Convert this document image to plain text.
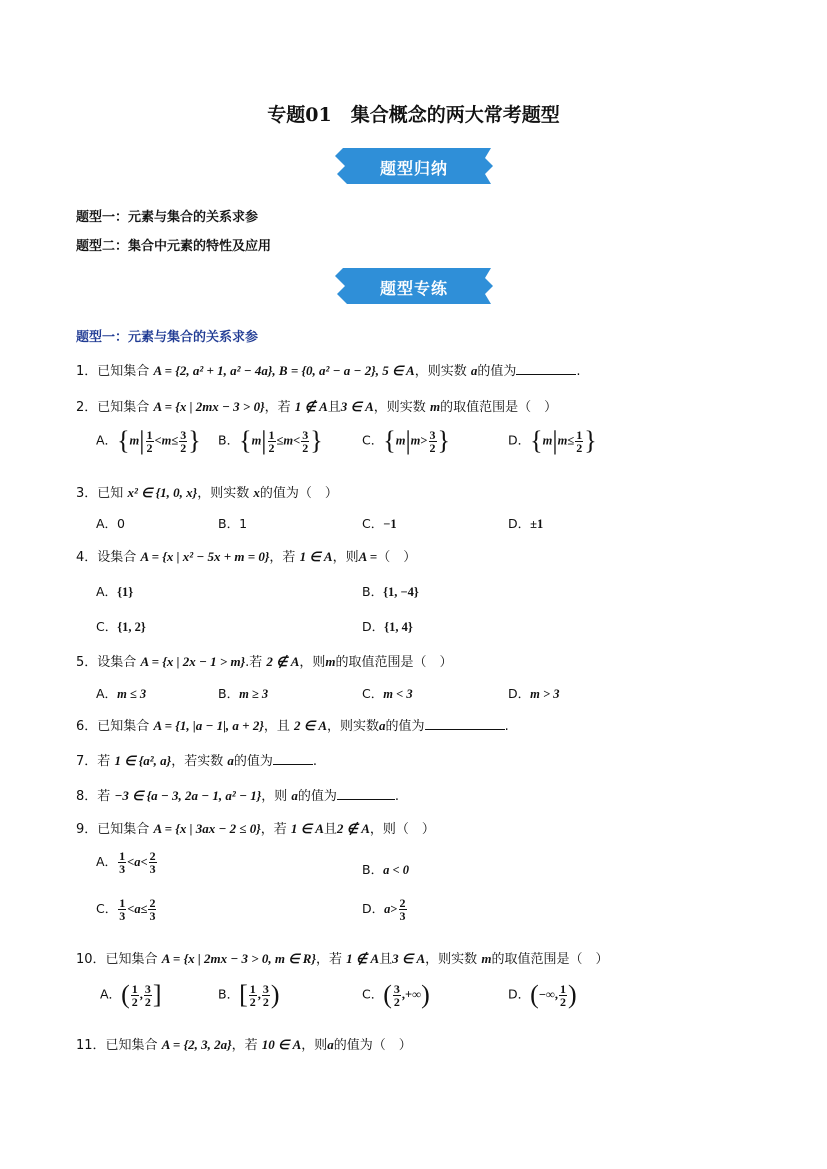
专题01　集合概念的两大常考题型
题型归纳
题型一：元素与集合的关系求参
题型二：集合中元素的特性及应用
题型专练
题型一：元素与集合的关系求参
1．已知集合 A = {2, a² + 1, a² − 4a}, B = {0, a² − a − 2}, 5 ∈ A，则实数 a的值为	.
2．已知集合 A = {x | 2mx − 3 > 0}，若 1 ∉ A且3 ∈ A，则实数 m的取值范围是（　）
A．{$m| \frac{1}{2} <m\le \frac{3}{2}$ } B．{$m| \frac{1}{2} \le m< \frac{3}{2}$ }	C．{$m|m> \frac{3}{2}$ }	D．{$m|m\le \frac{1}{2}$ }
3．已知 x² ∈ {1, 0, x}，则实数 x的值为（　）
A．0	B．1	C．−1	D．±1
4．设集合 A = {x | x² − 5x + m = 0}，若 1 ∈ A，则A =（　）
A．{1}	B．{1, −4}
C．{1, 2}	D．{1, 4}
5．设集合 A = {x | 2x − 1 > m}.若 2 ∉ A，则m的取值范围是（　）
A．m ≤ 3	B．m ≥ 3	C．m < 3	D．m > 3
6．已知集合 A = {1, |a − 1|, a + 2}，且 2 ∈ A，则实数a的值为	.
7．若 1 ∈ {a², a}，若实数 a的值为	.
8．若 −3 ∈ {a − 3, 2a − 1, a² − 1}，则 a的值为	.
9．已知集合 A = {x | 3ax − 2 ≤ 0}，若 1 ∈ A且2 ∉ A，则（　）
A． $\frac{1}{3} <a< \frac{2}{3}$	B．a < 0
C． $\frac{1}{3} <a\le \frac{2}{3}$	D．$a> \frac{2}{3}$
10．已知集合 A = {x | 2mx − 3 > 0, m ∈ R}，若 1 ∉ A且3 ∈ A，则实数 m的取值范围是（　）
A．( $\frac{1}{2}$ , $\frac{3}{2}$ ]	B．[ $\frac{1}{2}$ , $\frac{3}{2}$ )	C．( $\frac{3}{2}$ ,+∞)	D．(−∞, $\frac{1}{2}$ )
11．已知集合 A = {2, 3, 2a}，若 10 ∈ A，则a的值为（　）
